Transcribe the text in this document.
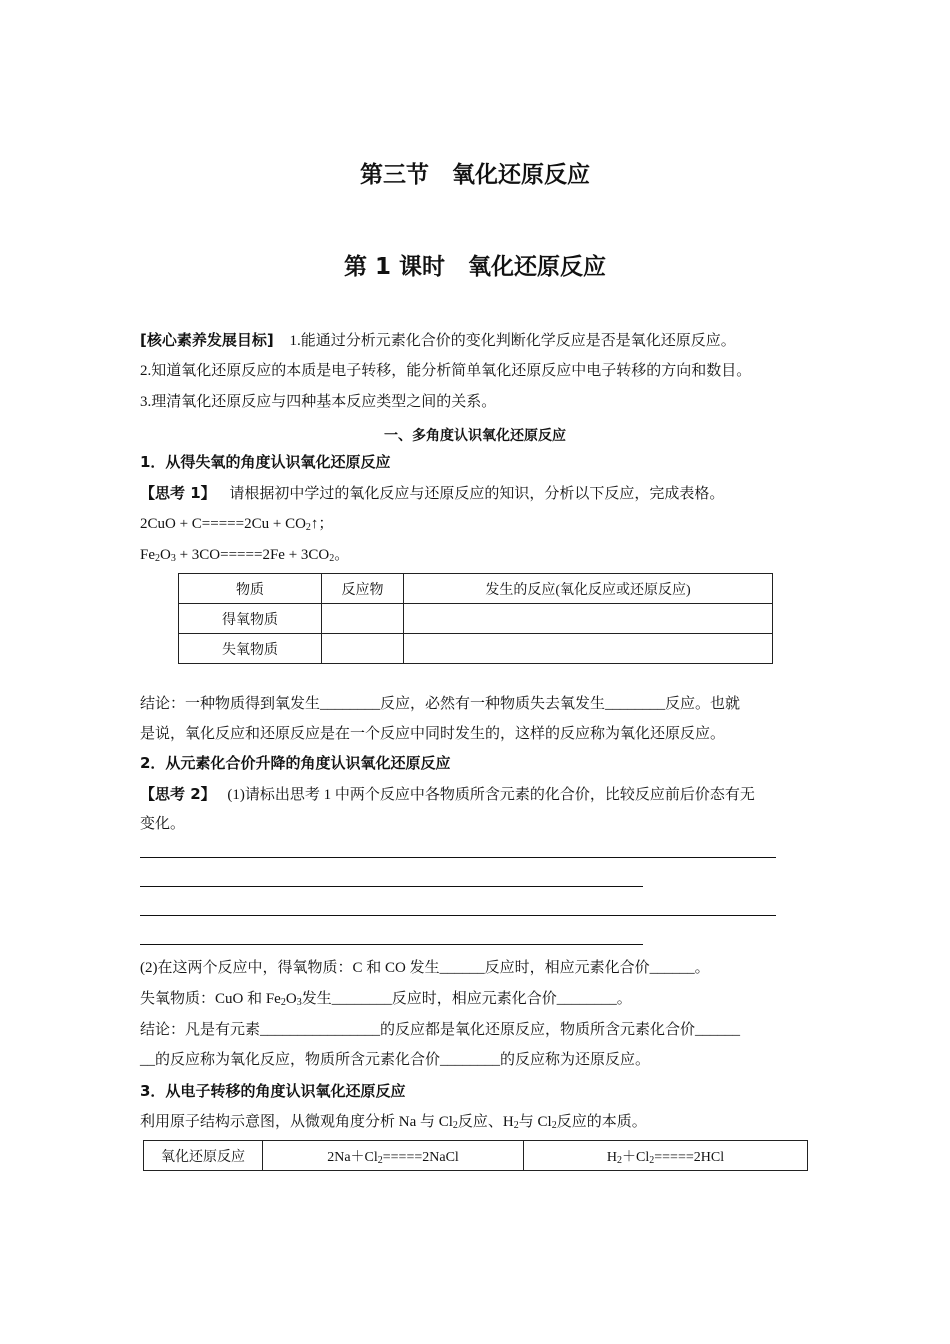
第三节　氧化还原反应
第 1 课时　氧化还原反应
[核心素养发展目标] 1.能通过分析元素化合价的变化判断化学反应是否是氧化还原反应。
2.知道氧化还原反应的本质是电子转移，能分析简单氧化还原反应中电子转移的方向和数目。
3.理清氧化还原反应与四种基本反应类型之间的关系。
一、多角度认识氧化还原反应
1．从得失氧的角度认识氧化还原反应
【思考 1】 请根据初中学过的氧化反应与还原反应的知识，分析以下反应，完成表格。
$2CuO + C=====2Cu + CO_2↑$；
$Fe_2O_3 + 3CO=====2Fe + 3CO_2$。
物质	反应物	发生的反应(氧化反应或还原反应)
得氧物质		
失氧物质		
结论：一种物质得到氧发生________反应，必然有一种物质失去氧发生________反应。也就
是说，氧化反应和还原反应是在一个反应中同时发生的，这样的反应称为氧化还原反应。
2．从元素化合价升降的角度认识氧化还原反应
【思考 2】 (1)请标出思考 1 中两个反应中各物质所含元素的化合价，比较反应前后价态有无
变化。
(2)在这两个反应中，得氧物质：C 和 CO 发生______反应时，相应元素化合价______。
失氧物质：CuO 和 $Fe_2O_3$发生________反应时，相应元素化合价________。
结论：凡是有元素________________的反应都是氧化还原反应，物质所含元素化合价______
__的反应称为氧化反应，物质所含元素化合价________的反应称为还原反应。
3．从电子转移的角度认识氧化还原反应
利用原子结构示意图，从微观角度分析 Na 与 $Cl_2$反应、$H_2$与 $Cl_2$反应的本质。
氧化还原反应	$2Na+Cl_2=====2NaCl$	$H_2+Cl_2=====2HCl$
